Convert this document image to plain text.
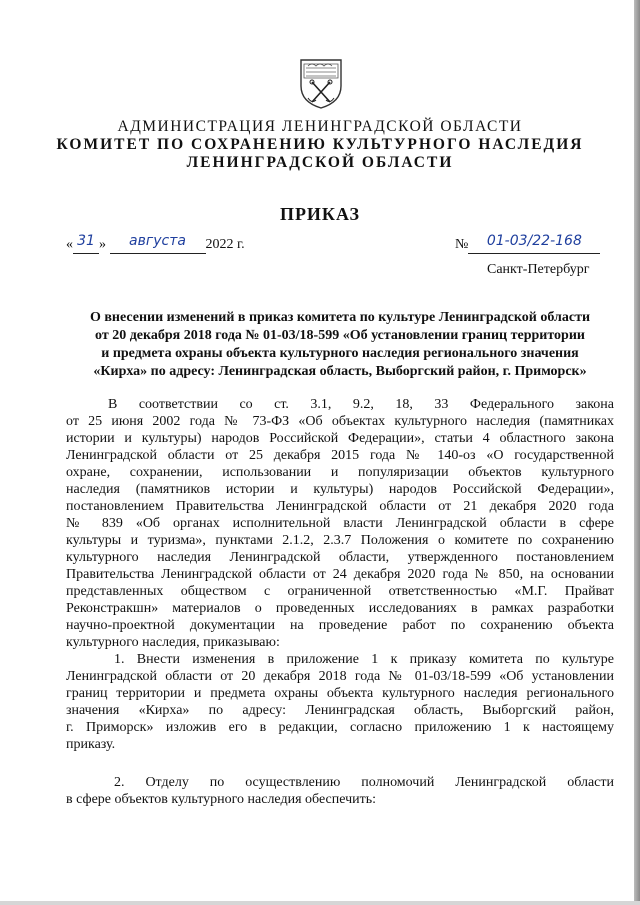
АДМИНИСТРАЦИЯ ЛЕНИНГРАДСКОЙ ОБЛАСТИ
КОМИТЕТ ПО СОХРАНЕНИЮ КУЛЬТУРНОГО НАСЛЕДИЯ
ЛЕНИНГРАДСКОЙ ОБЛАСТИ
ПРИКАЗ
« 31 » августа 2022 г.	№ 01-03/22-168
Санкт-Петербург
О внесении изменений в приказ комитета по культуре Ленинградской области
от 20 декабря 2018 года № 01-03/18-599 «Об установлении границ территории
и предмета охраны объекта культурного наследия регионального значения
«Кирха» по адресу: Ленинградская область, Выборгский район, г. Приморск»
В соответствии со ст. 3.1, 9.2, 18, 33 Федерального закона
от 25 июня 2002 года № 73-ФЗ «Об объектах культурного наследия (памятниках
истории и культуры) народов Российской Федерации», статьи 4 областного закона
Ленинградской области от 25 декабря 2015 года № 140-оз «О государственной
охране, сохранении, использовании и популяризации объектов культурного
наследия (памятников истории и культуры) народов Российской Федерации»,
постановлением Правительства Ленинградской области от 21 декабря 2020 года
№ 839 «Об органах исполнительной власти Ленинградской области в сфере
культуры и туризма», пунктами 2.1.2, 2.3.7 Положения о комитете по сохранению
культурного наследия Ленинградской области, утвержденного постановлением
Правительства Ленинградской области от 24 декабря 2020 года № 850, на основании
представленных обществом с ограниченной ответственностью «М.Г. Прайват
Реконстракшн» материалов о проведенных исследованиях в рамках разработки
научно-проектной документации на проведение работ по сохранению объекта
культурного наследия, приказываю:
1. Внести изменения в приложение 1 к приказу комитета по культуре
Ленинградской области от 20 декабря 2018 года № 01-03/18-599 «Об установлении
границ территории и предмета охраны объекта культурного наследия регионального
значения «Кирха» по адресу: Ленинградская область, Выборгский район,
г. Приморск» изложив его в редакции, согласно приложению 1 к настоящему
приказу.
2. Отделу по осуществлению полномочий Ленинградской области
в сфере объектов культурного наследия обеспечить:
